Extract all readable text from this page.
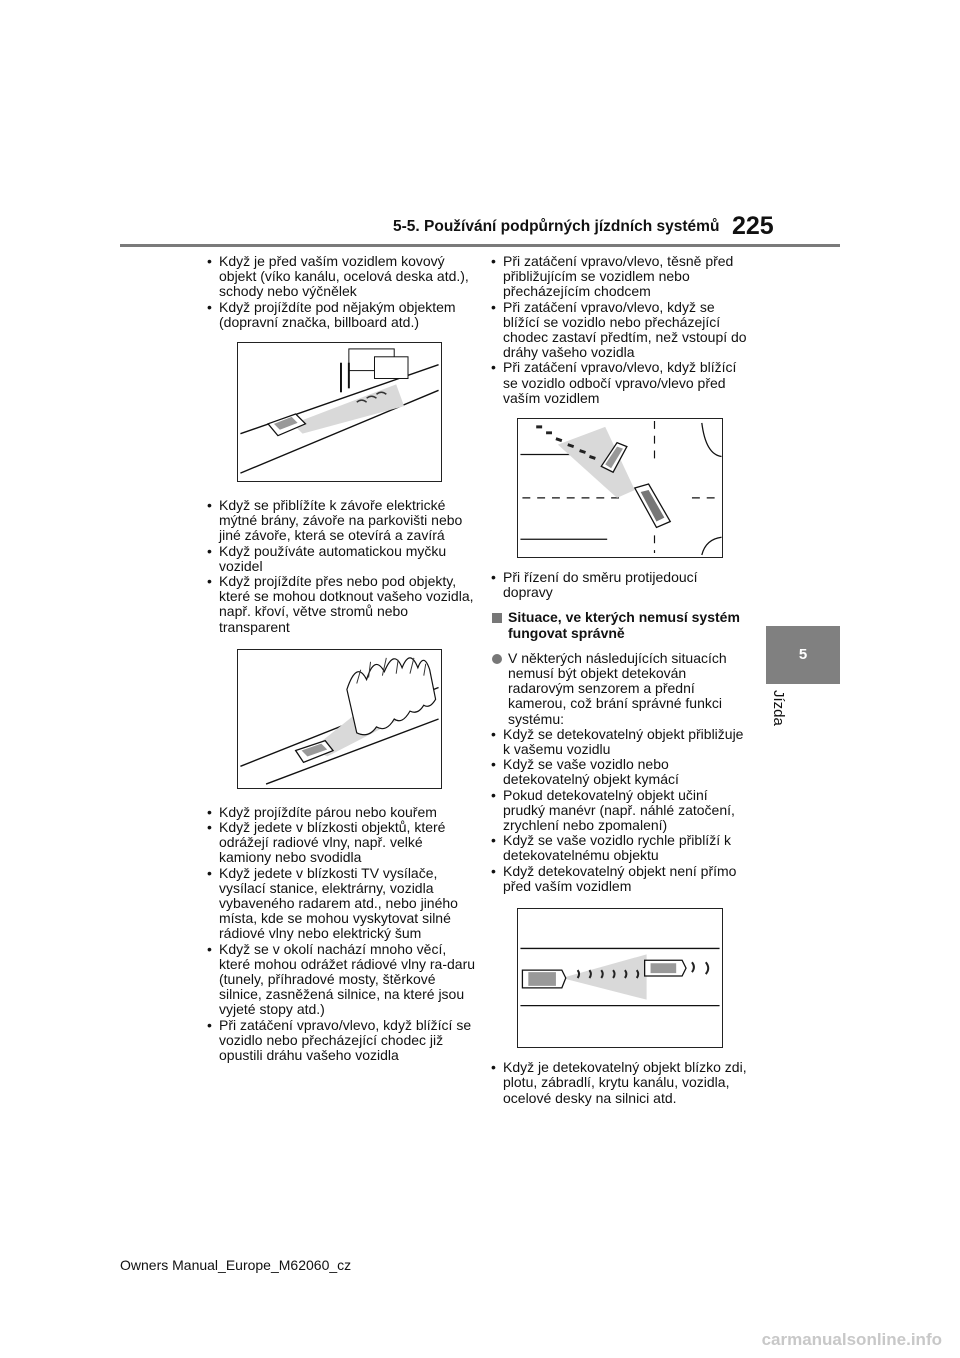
5-5. Používání podpůrných jízdních systémů 225
5
Jízda
• Když je před vaším vozidlem kovový objekt (víko kanálu, ocelová deska atd.), schody nebo výčnělek
• Když projíždíte pod nějakým objektem (dopravní značka, billboard atd.)
• Když se přiblížíte k závoře elektrické mýtné brány, závoře na parkovišti nebo jiné závoře, která se otevírá a zavírá
• Když používáte automatickou myčku vozidel
• Když projíždíte přes nebo pod objekty, které se mohou dotknout vašeho vozidla, např. křoví, větve stromů nebo transparent
• Když projíždíte párou nebo kouřem
• Když jedete v blízkosti objektů, které odrážejí radiové vlny, např. velké kamiony nebo svodidla
• Když jedete v blízkosti TV vysílače, vysílací stanice, elektrárny, vozidla vybaveného radarem atd., nebo jiného místa, kde se mohou vyskytovat silné rádiové vlny nebo elektrický šum
• Když se v okolí nachází mnoho věcí, které mohou odrážet rádiové vlny ra-daru (tunely, příhradové mosty, štěrkové silnice, zasněžená silnice, na které jsou vyjeté stopy atd.)
• Při zatáčení vpravo/vlevo, když blížící se vozidlo nebo přecházející chodec již opustili dráhu vašeho vozidla
• Při zatáčení vpravo/vlevo, těsně před přibližujícím se vozidlem nebo přecházejícím chodcem
• Při zatáčení vpravo/vlevo, když se blížící se vozidlo nebo přecházející chodec zastaví předtím, než vstoupí do dráhy vašeho vozidla
• Při zatáčení vpravo/vlevo, když blížící se vozidlo odbočí vpravo/vlevo před vaším vozidlem
• Při řízení do směru protijedoucí dopravy
Situace, ve kterých nemusí systém fungovat správně
V některých následujících situacích nemusí být objekt detekován radarovým senzorem a přední kamerou, což brání správné funkci systému:
• Když se detekovatelný objekt přibližuje k vašemu vozidlu
• Když se vaše vozidlo nebo detekovatelný objekt kymácí
• Pokud detekovatelný objekt učiní prudký manévr (např. náhlé zatočení, zrychlení nebo zpomalení)
• Když se vaše vozidlo rychle přiblíží k detekovatelnému objektu
• Když detekovatelný objekt není přímo před vaším vozidlem
• Když je detekovatelný objekt blízko zdi, plotu, zábradlí, krytu kanálu, vozidla, ocelové desky na silnici atd.
Owners Manual_Europe_M62060_cz
carmanualsonline.info
